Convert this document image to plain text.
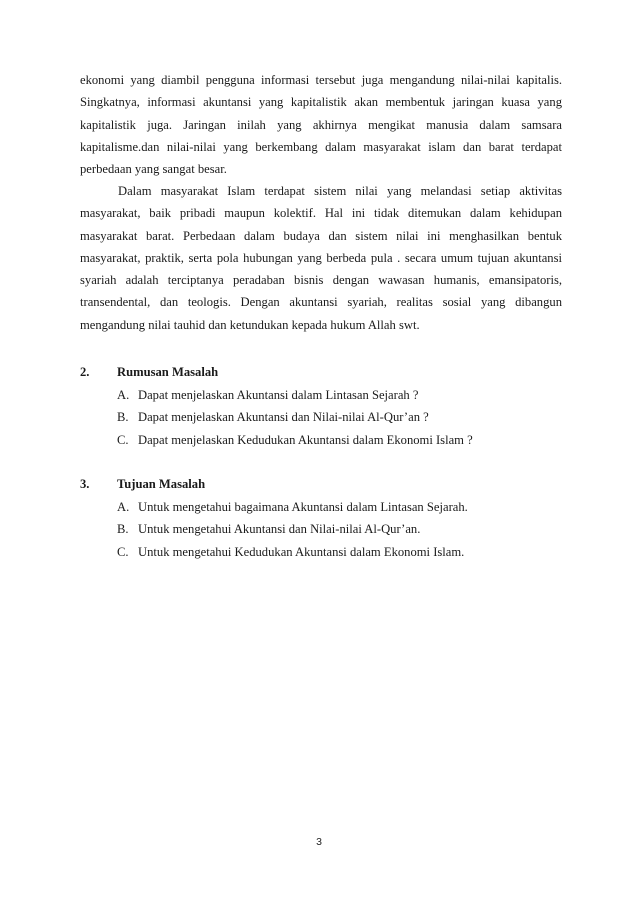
ekonomi yang diambil pengguna informasi tersebut juga mengandung nilai-nilai kapitalis. Singkatnya, informasi akuntansi yang kapitalistik akan membentuk jaringan kuasa yang kapitalistik juga. Jaringan inilah yang akhirnya mengikat manusia dalam samsara kapitalisme.dan nilai-nilai yang berkembang dalam masyarakat islam dan barat terdapat perbedaan yang sangat besar.

Dalam masyarakat Islam terdapat sistem nilai yang melandasi setiap aktivitas masyarakat, baik pribadi maupun kolektif. Hal ini tidak ditemukan dalam kehidupan masyarakat barat. Perbedaan dalam budaya dan sistem nilai ini menghasilkan bentuk masyarakat, praktik, serta pola hubungan yang berbeda pula . secara umum tujuan akuntansi syariah adalah terciptanya peradaban bisnis dengan wawasan humanis, emansipatoris, transendental, dan teologis. Dengan akuntansi syariah, realitas sosial yang dibangun mengandung nilai tauhid dan ketundukan kepada hukum Allah swt.

2. Rumusan Masalah
A. Dapat menjelaskan Akuntansi dalam Lintasan Sejarah ?
B. Dapat menjelaskan Akuntansi dan Nilai-nilai Al-Qur’an ?
C. Dapat menjelaskan Kedudukan Akuntansi dalam Ekonomi Islam ?
3. Tujuan Masalah
A. Untuk mengetahui bagaimana Akuntansi dalam Lintasan Sejarah.
B. Untuk mengetahui Akuntansi dan Nilai-nilai Al-Qur’an.
C. Untuk mengetahui Kedudukan Akuntansi dalam Ekonomi Islam.
3
